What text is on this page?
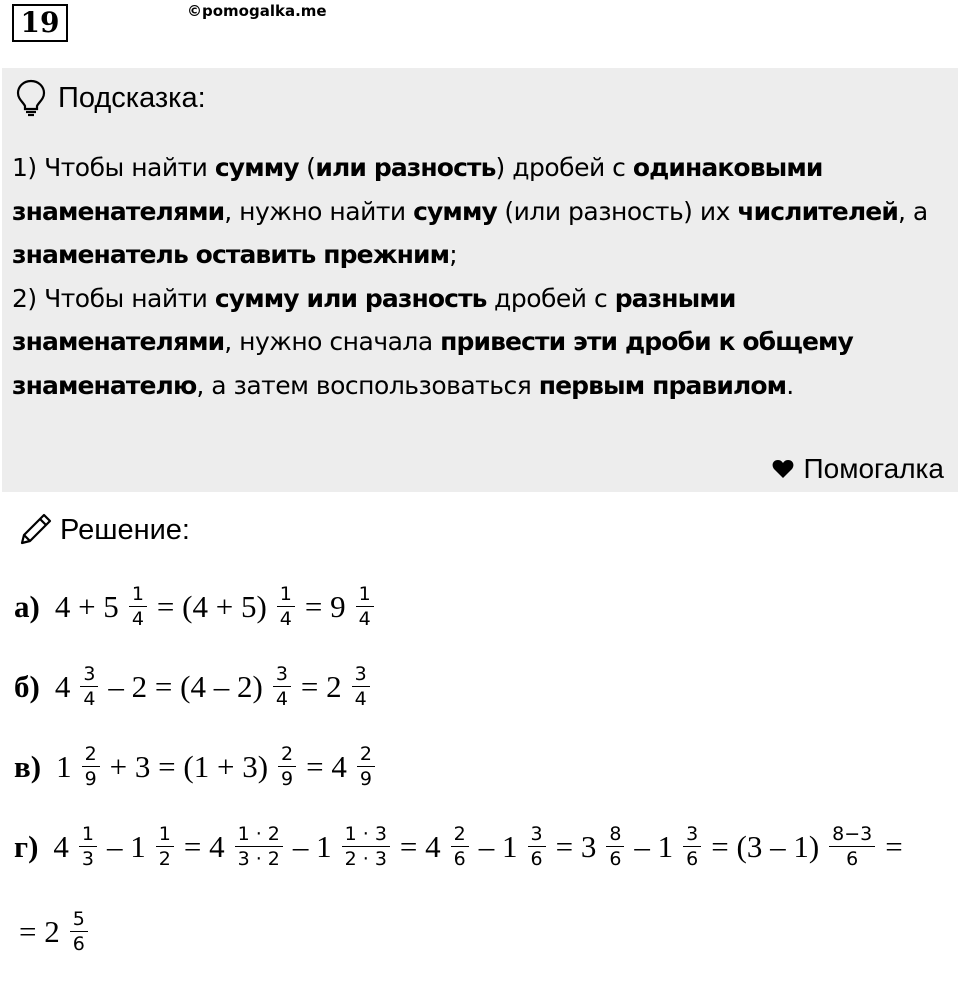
19	©pomogalka.me
Подсказка:
1) Чтобы найти сумму (или разность) дробей с одинаковыми знаменателями, нужно найти сумму (или разность) их числителей, а знаменатель оставить прежним;
2) Чтобы найти сумму или разность дробей с разными знаменателями, нужно сначала привести эти дроби к общему знаменателю, а затем воспользоваться первым правилом.
Помогалка
Решение:
а) $4 + 5 \frac{1}{4} = (4 + 5) \frac{1}{4} = 9 \frac{1}{4}$
б) $4 \frac{3}{4} - 2 = (4 - 2) \frac{3}{4} = 2 \frac{3}{4}$
в) $1 \frac{2}{9} + 3 = (1 + 3) \frac{2}{9} = 4 \frac{2}{9}$
г) $4 \frac{1}{3} - 1 \frac{1}{2} = 4 \frac{1 \cdot 2}{3 \cdot 2} - 1 \frac{1 \cdot 3}{2 \cdot 3} = 4 \frac{2}{6} - 1 \frac{3}{6} = 3 \frac{8}{6} - 1 \frac{3}{6} = (3 - 1) \frac{8-3}{6}$ =
= $2 \frac{5}{6}$
